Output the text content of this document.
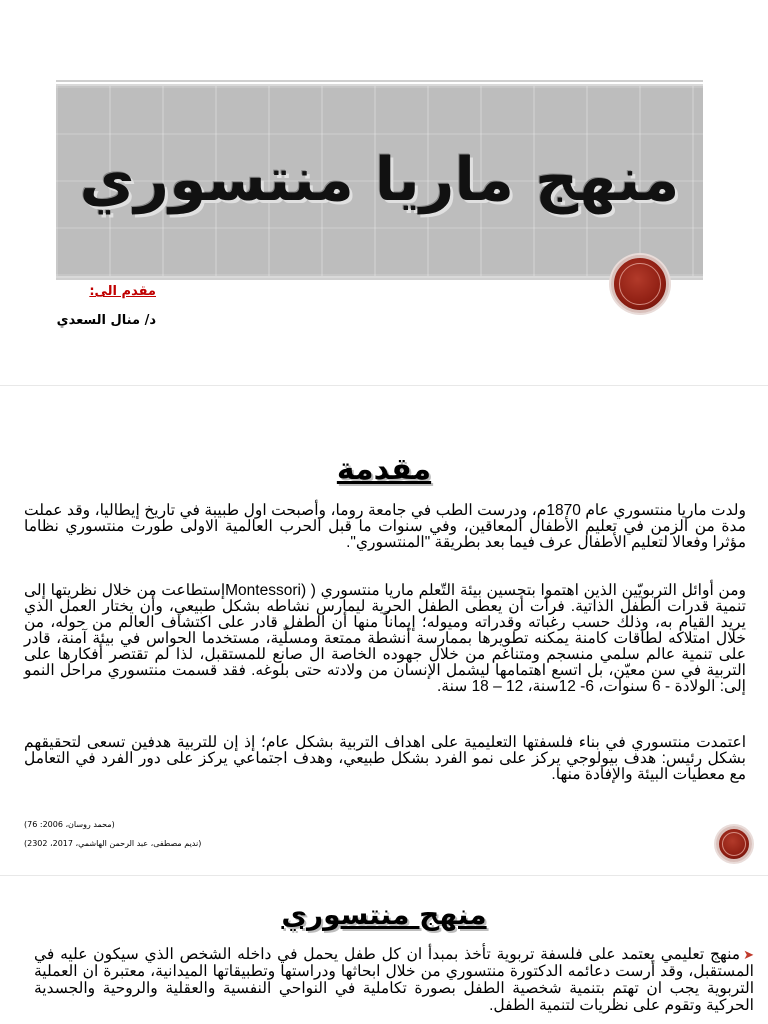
منهج ماريا منتسوري
مقدم الى:
د/ منال السعدي
مقدمة
ولدت ماريا منتسوري عام 1870م، ودرست الطب في جامعة روما، وأصبحت اول طبيبة في تاريخ إيطاليا، وقد عملت مدة من الزمن في تعليم الأطفال المعاقين، وفي سنوات ما قبل الحرب العالمية الاولى طورت منتسوري نظاما مؤثرا وفعالا لتعليم الأطفال عرف فيما بعد بطريقة "المنتسوري".
ومن أوائل التربويّين الذين اهتموا بتحسين بيئة التّعلم ماريا منتسوري ( (Montessoriإستطاعت من خلال نظريتها إلى تنمية قدرات الطفل الذاتية. فرأت أن يعطى الطفل الحرية ليمارس نشاطه بشكل طبيعي، وأن يختار العمل الذي يريد القيام به، وذلك حسب رغباته وقدراته وميوله؛ إيماناً منها أن الطفل قادر على اكتشاف العالم من حوله، من خلال امتلاكه لطاقات كامنة يمكنه تطويرها بممارسة أنشطة ممتعة ومسلّية، مستخدما الحواس في بيئة آمنة، قادر على تنمية عالم سلمي منسجم ومتناغم من خلال جهوده الخاصة ال صانع للمستقبل، لذا لم تقتصر أفكارها على التربية في سن معيّن، بل اتسع اهتمامها ليشمل الإنسان من ولادته حتى بلوغه. فقد قسمت منتسوري مراحل النمو إلى: الولادة - 6 سنوات، 6- 12سنة، 12 – 18 سنة.
اعتمدت منتسوري في بناء فلسفتها التعليمية على اهداف التربية بشكل عام؛ إذ إن للتربية هدفين تسعى لتحقيقهم بشكل رئيس: هدف بيولوجي يركز على نمو الفرد بشكل طبيعي، وهدف اجتماعي يركز على دور الفرد في التعامل مع معطيات البيئة والإفادة منها.
(محمد روسان، 2006: 76)
(نديم مصطفى، عبد الرحمن الهاشمي، 2017، 2302)
منهج منتسوري
➤منهج تعليمي يعتمد على فلسفة تربوية تأخذ بمبدأ ان كل طفل يحمل في داخله الشخص الذي سيكون عليه في المستقبل، وقد أرست دعائمه الدكتورة منتسوري من خلال ابحاثها ودراستها وتطبيقاتها الميدانية، معتبرة ان العملية التربوية يجب ان تهتم بتنمية شخصية الطفل بصورة تكاملية في النواحي النفسية والعقلية والروحية والجسدية الحركية وتقوم على نظريات لتنمية الطفل.
